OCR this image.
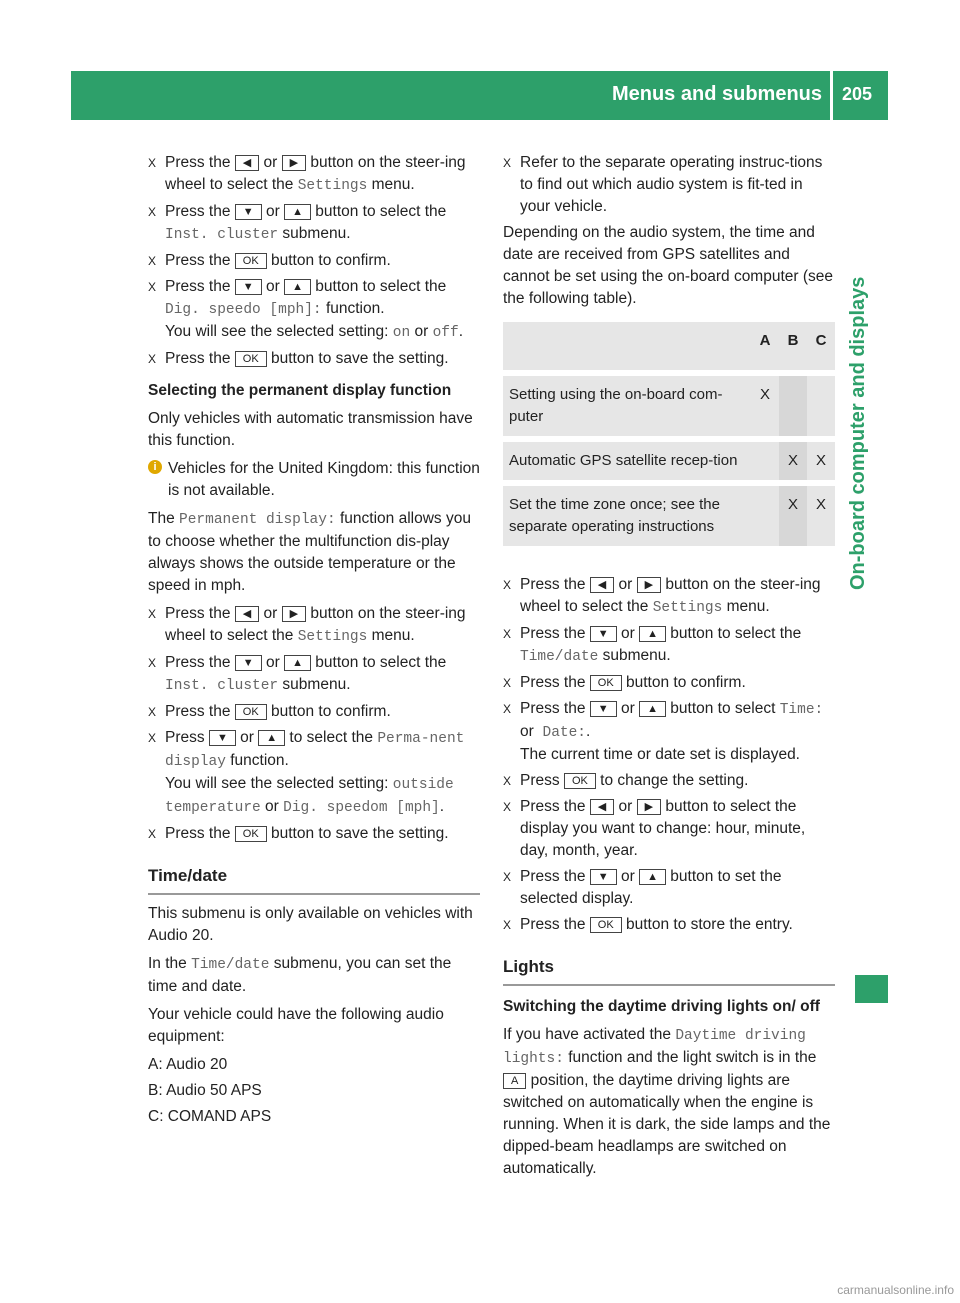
Menus and submenus 205
On-board computer and displays
X Press the ◀ or ▶ button on the steer-ing wheel to select the Settings menu.
X Press the ▼ or ▲ button to select the Inst. cluster submenu.
X Press the OK button to confirm.
X Press the ▼ or ▲ button to select the Dig. speedo [mph]: function.
You will see the selected setting: on or off.
X Press the OK button to save the setting.
Selecting the permanent display function

Only vehicles with automatic transmission have this function.

i Vehicles for the United Kingdom: this function is not available.

The Permanent display: function allows you to choose whether the multifunction dis-play always shows the outside temperature or the speed in mph.

X Press the ◀ or ▶ button on the steer-ing wheel to select the Settings menu.
X Press the ▼ or ▲ button to select the Inst. cluster submenu.
X Press the OK button to confirm.
X Press ▼ or ▲ to select the Perma-nent display function.
You will see the selected setting: outside temperature or Dig. speedom [mph].
X Press the OK button to save the setting.
Time/date

This submenu is only available on vehicles with Audio 20.

In the Time/date submenu, you can set the time and date.

Your vehicle could have the following audio equipment:

A: Audio 20
B: Audio 50 APS
C: COMAND APS
X Refer to the separate operating instruc-tions to find out which audio system is fit-ted in your vehicle.

Depending on the audio system, the time and date are received from GPS satellites and cannot be set using the on-board computer (see the following table).

	A	B	C
Setting using the on-board com-puter	X		
Automatic GPS satellite recep-tion		X	X
Set the time zone once; see the separate operating instructions		X	X
X Press the ◀ or ▶ button on the steer-ing wheel to select the Settings menu.
X Press the ▼ or ▲ button to select the Time/date submenu.
X Press the OK button to confirm.
X Press the ▼ or ▲ button to select Time: or Date:.
The current time or date set is displayed.
X Press OK to change the setting.
X Press the ◀ or ▶ button to select the display you want to change: hour, minute, day, month, year.
X Press the ▼ or ▲ button to set the selected display.
X Press the OK button to store the entry.
Lights
Switching the daytime driving lights on/ off

If you have activated the Daytime driving lights: function and the light switch is in the A position, the daytime driving lights are switched on automatically when the engine is running. When it is dark, the side lamps and the dipped-beam headlamps are switched on automatically.

carmanualsonline.info
